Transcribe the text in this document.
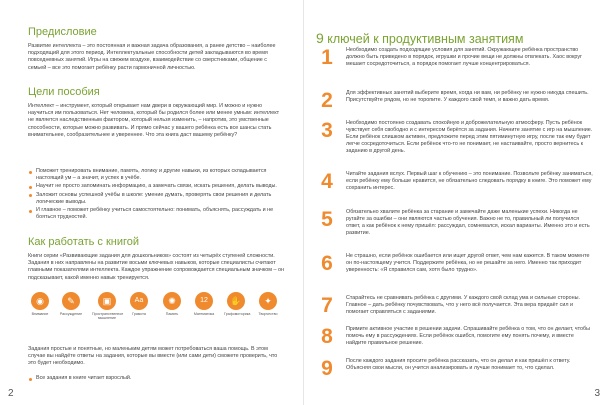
Предисловие

Развитие интеллекта – это постоянная и важная задача образования, а ранее детство – наиболее подходящий для этого период. Интеллектуальные способности детей закладываются во время повседневных занятий. Игры на свежем воздухе, взаимодействие со сверстниками, общение с семьей – все это помогает ребёнку расти гармоничной личностью.

Цели пособия

Интеллект – инструмент, который открывает нам двери в окружающий мир. И можно и нужно научиться им пользоваться. Нет человека, который бы родился более или менее умным: интеллект не является наследственным фактором, который нельзя изменить, – напротив, это умственные способности, которые можно развивать. И прямо сейчас у вашего ребёнка есть все шансы стать внимательнее, сообразительнее и увереннее. Что эта книга даст вашему ребёнку?

Поможет тренировать внимание, память, логику и другие навыки, из которых складывается настоящий ум – а значит, и успех в учёбе.
Научит не просто запоминать информацию, а замечать связи, искать решения, делать выводы.
Заложит основы успешной учёбы в школе: умение думать, проверять свои решения и делать логические выводы.
И главное – поможет ребёнку учиться самостоятельно: понимать, объяснять, рассуждать и не бояться трудностей.
Как работать с книгой

Книги серии «Развивающие задания для дошкольников» состоят из четырёх ступеней сложности. Задания в них направлены на развитие восьми ключевых навыков, которые специалисты считают главными показателями интеллекта. Каждое упражнение сопровождается специальным значком – он подсказывает, какой именно навык тренируется.

◉
Внимание
✎
Рассуждение
▣
Пространственное мышление
Аа
Грамота
✺
Память
12
Математика
✋
Графомоторика
✦
Творчество

Задания простые и понятные, но маленьким детям может потребоваться ваша помощь. В этом случае вы найдёте ответы на задания, которые вы вместе (или сами дети) сможете проверить, что это будет необходимо.

Все задания в книге читает взрослый.
2
9 ключей к продуктивным занятиям
1	Необходимо создать подходящие условия для занятий. Окружающее ребёнка пространство должно быть приведено в порядок, игрушки и прочие вещи не должны отвлекать. Хаос вокруг мешает сосредоточиться, а порядок помогает лучше концентрироваться.
2	Для эффективных занятий выберите время, когда ни вам, ни ребёнку не нужно никуда спешить. Присутствуйте рядом, но не торопите. У каждого свой темп, и важно дать время.
3	Необходимо постоянно создавать спокойную и доброжелательную атмосферу. Пусть ребёнок чувствует себя свободно и с интересом берётся за задания. Начните занятие с игр на мышление. Если ребёнок слишком активен, предложите перед этим пятиминутную игру, после так ему будет легче сосредоточиться. Если ребёнок что-то не понимает, не настаивайте, просто вернитесь к заданию в другой день.
4	Читайте задания вслух. Первый шаг к обучению – это понимание. Позвольте ребёнку заниматься, если ребёнку ему больше нравится, не обязательно следовать порядку в книге. Это поможет ему сохранить интерес.
5	Обязательно хвалите ребёнка за старание и замечайте даже маленькие успехи. Никогда не ругайте за ошибки – они являются частью обучения. Важно не то, правильный ли получился ответ, а как ребёнок к нему пришёл: рассуждал, сомневался, искал варианты. Именно это и есть развитие.
6	Не страшно, если ребёнок ошибается или ищет другой ответ, чем нам кажется. В таком моменте он по-настоящему учится. Поддержите ребёнка, но не решайте за него. Именно так приходит уверенность: «Я справился сам, хотя было трудно».
7	Старайтесь не сравнивать ребёнка с другими. У каждого свой склад ума и сильные стороны. Главное – дать ребёнку почувствовать, что у него всё получается. Эта вера придаёт сил и помогает справляться с заданиями.
8	Примите активное участие в решении задачи. Спрашивайте ребёнка о том, что он делает, чтобы помочь ему в рассуждениях. Если ребёнок ошибся, помогите ему понять почему, и вместе найдите правильное решение.
9	После каждого задания просите ребёнка рассказать, что он делал и как пришёл к ответу. Объясняя свои мысли, он учится анализировать и лучше понимает то, что сделал.
3
